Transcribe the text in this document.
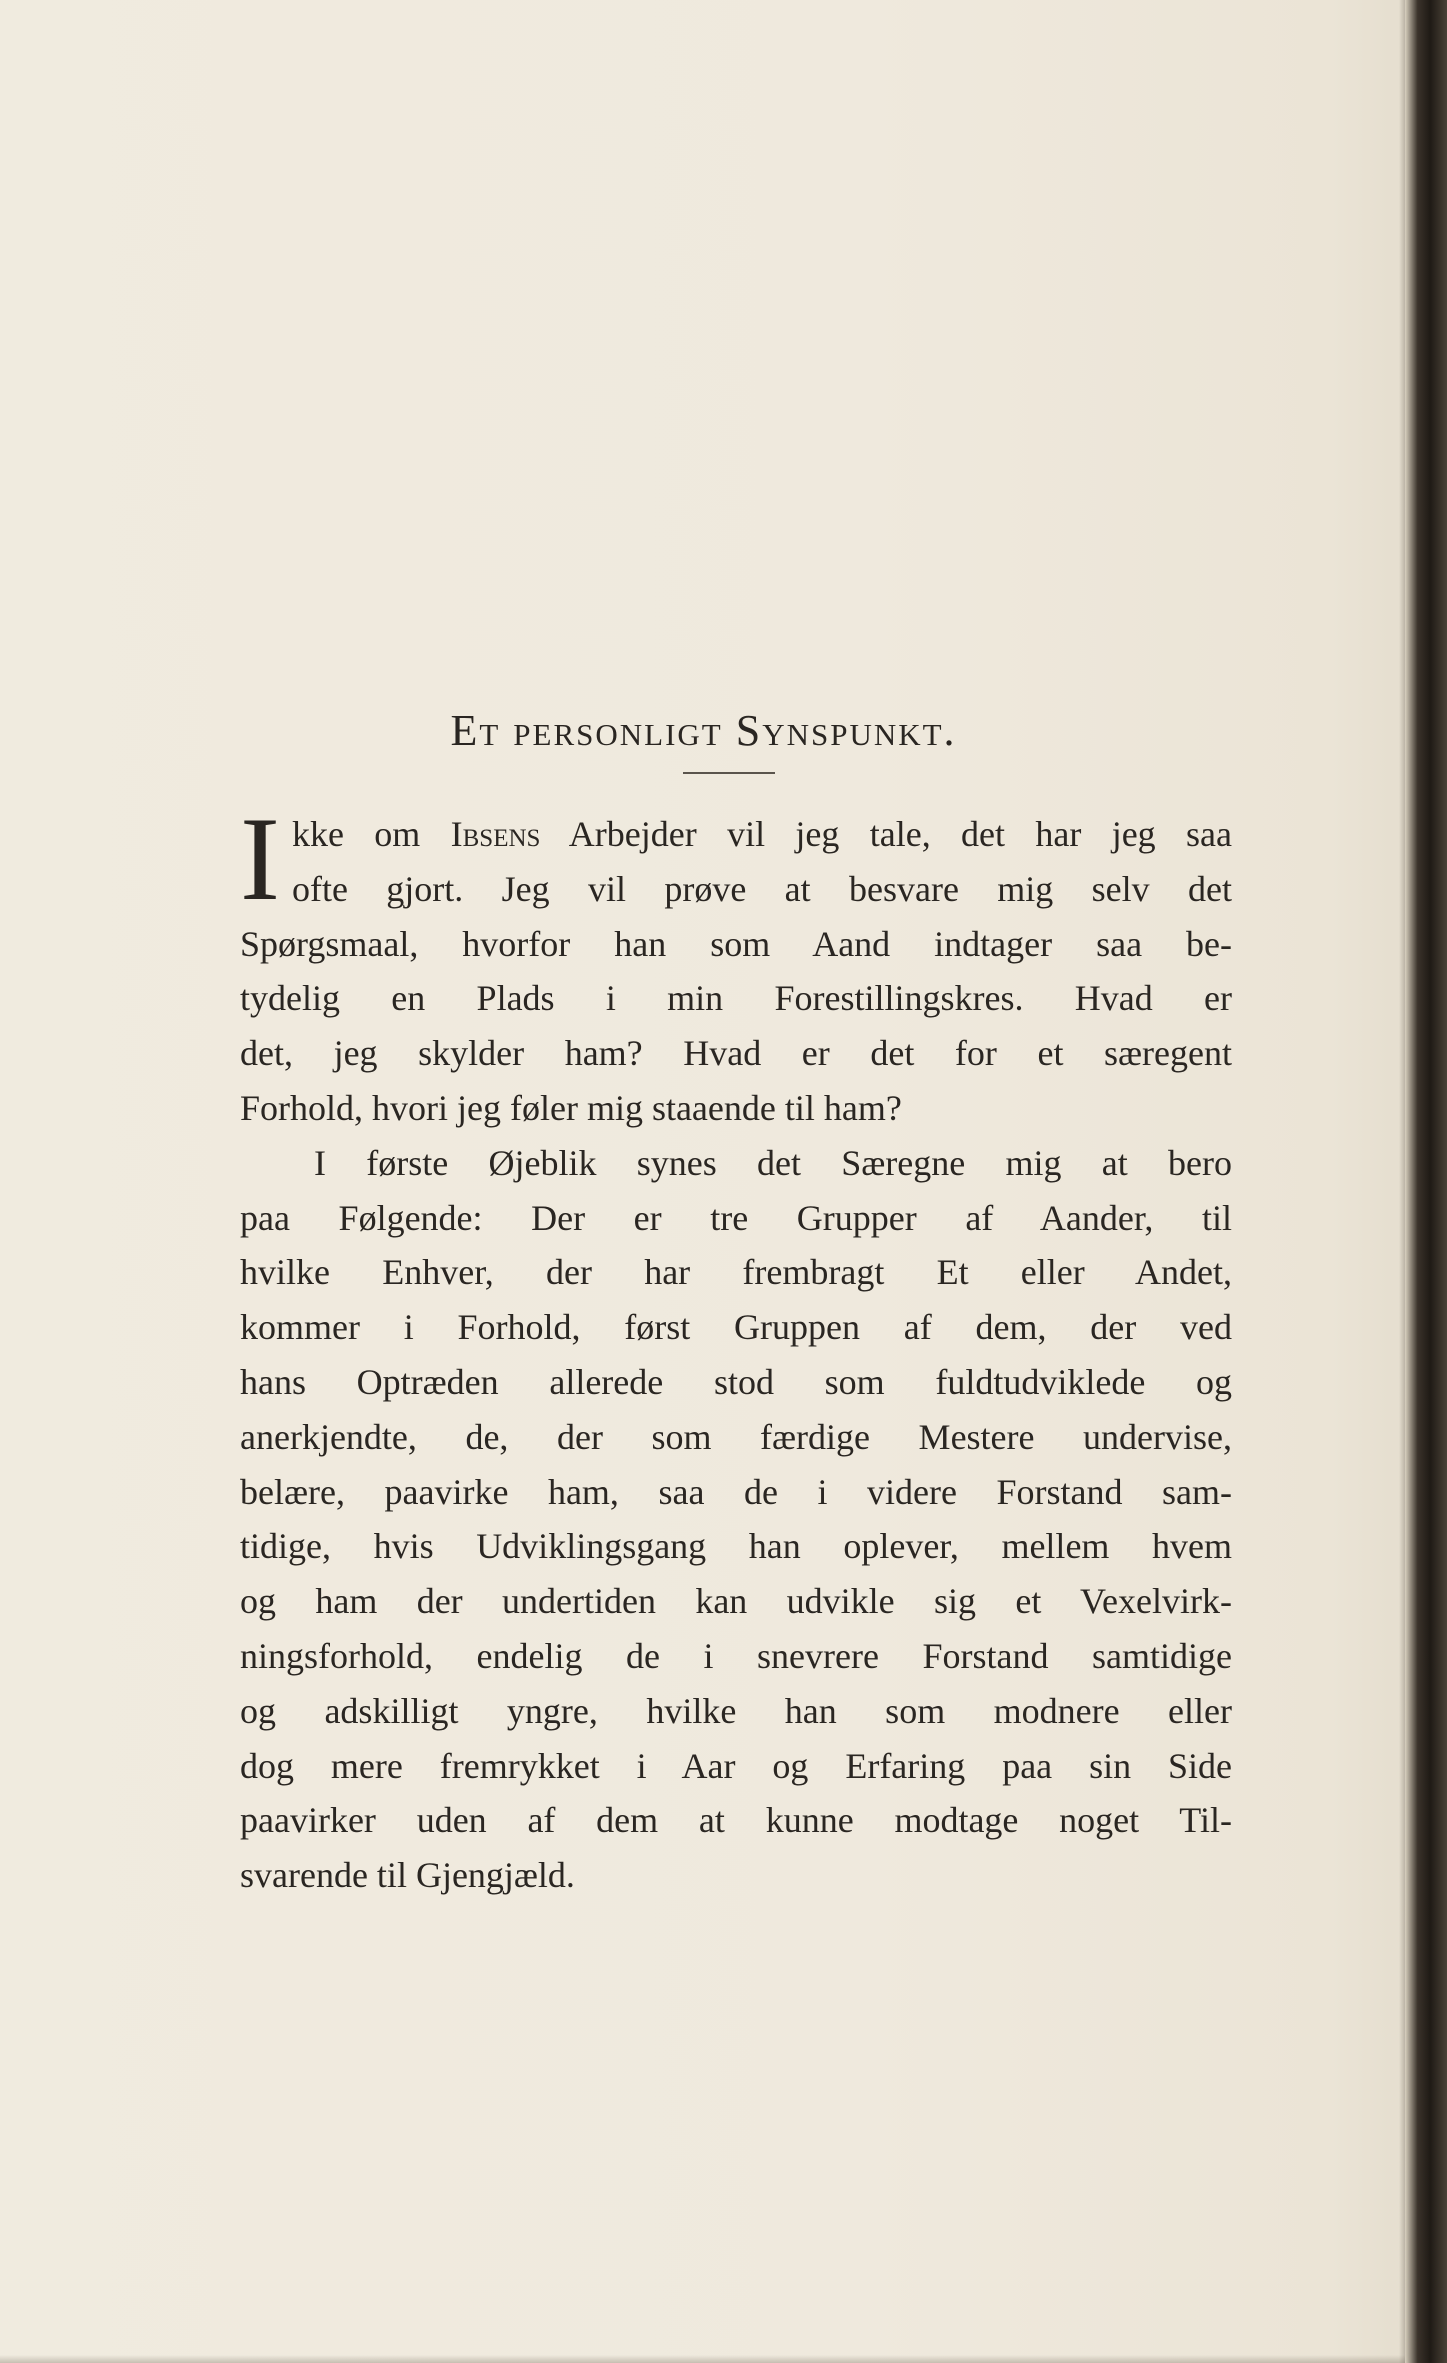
Et personligt Synspunkt.
I kke om Ibsens Arbejder vil jeg tale, det har jeg saa
ofte gjort. Jeg vil prøve at besvare mig selv det
Spørgsmaal, hvorfor han som Aand indtager saa be-
tydelig en Plads i min Forestillingskres. Hvad er
det, jeg skylder ham? Hvad er det for et særegent
Forhold, hvori jeg føler mig staaende til ham?
I første Øjeblik synes det Særegne mig at bero
paa Følgende: Der er tre Grupper af Aander, til
hvilke Enhver, der har frembragt Et eller Andet,
kommer i Forhold, først Gruppen af dem, der ved
hans Optræden allerede stod som fuldtudviklede og
anerkjendte, de, der som færdige Mestere undervise,
belære, paavirke ham, saa de i videre Forstand sam-
tidige, hvis Udviklingsgang han oplever, mellem hvem
og ham der undertiden kan udvikle sig et Vexelvirk-
ningsforhold, endelig de i snevrere Forstand samtidige
og adskilligt yngre, hvilke han som modnere eller
dog mere fremrykket i Aar og Erfaring paa sin Side
paavirker uden af dem at kunne modtage noget Til-
svarende til Gjengjæld.
